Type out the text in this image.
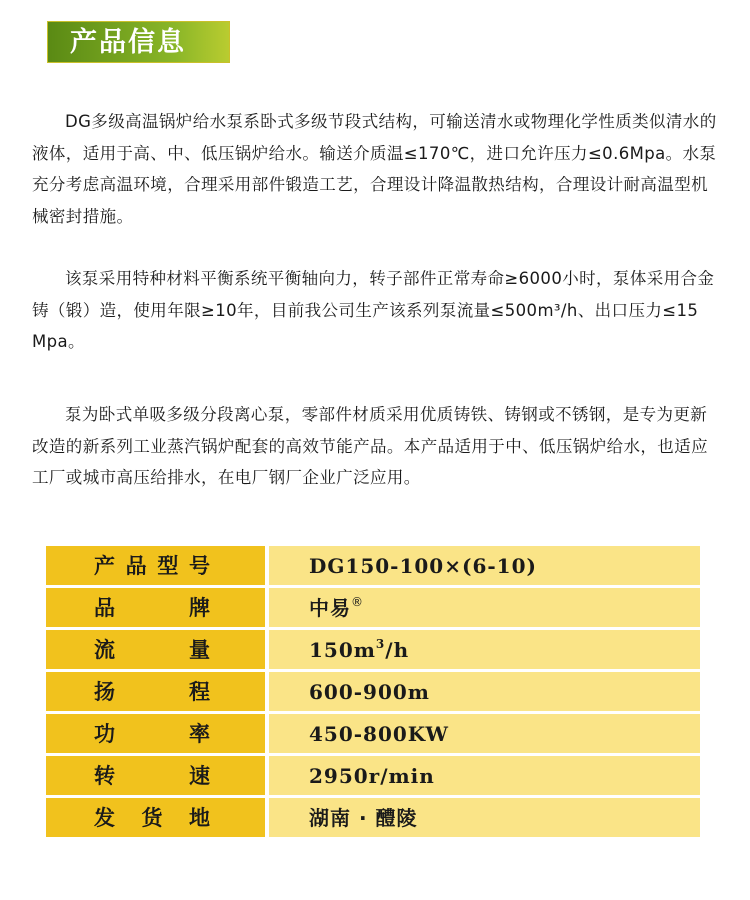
产品信息

DG多级高温锅炉给水泵系卧式多级节段式结构，可输送清水或物理化学性质类似清水的液体，适用于高、中、低压锅炉给水。输送介质温≤170℃，进口允许压力≤0.6Mpa。水泵充分考虑高温环境，合理采用部件锻造工艺，合理设计降温散热结构，合理设计耐高温型机械密封措施。

该泵采用特种材料平衡系统平衡轴向力，转子部件正常寿命≥6000小时，泵体采用合金铸（锻）造，使用年限≥10年，目前我公司生产该系列泵流量≤500m³/h、出口压力≤15 Mpa。

泵为卧式单吸多级分段离心泵，零部件材质采用优质铸铁、铸钢或不锈钢，是专为更新改造的新系列工业蒸汽锅炉配套的高效节能产品。本产品适用于中、低压锅炉给水，也适应工厂或城市高压给排水，在电厂钢厂企业广泛应用。

产品型号	DG150-100×(6-10)
品牌	中易®
流量	$150m^3/h$
扬程	600-900m
功率	450-800KW
转速	2950r/min
发货地	湖南 · 醴陵
